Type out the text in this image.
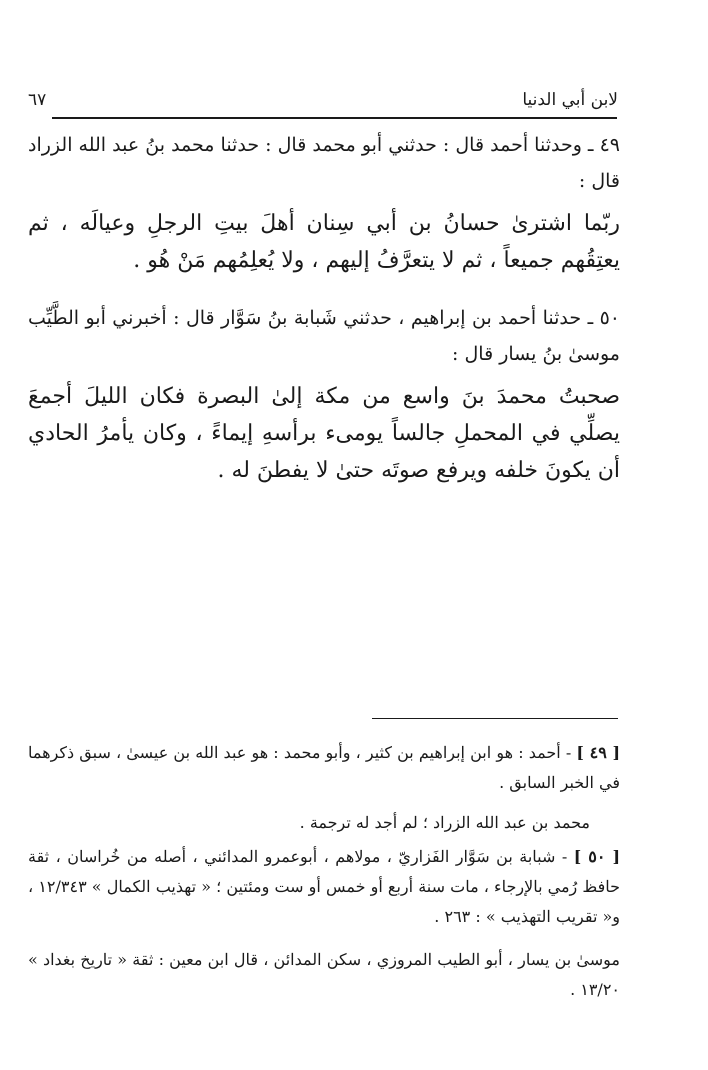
لابن أبي الدنيا
٦٧
٤٩ ـ وحدثنا أحمد قال : حدثني أبو محمد قال : حدثنا محمد بنُ عبد الله الزراد قال :
ربّما اشترىٰ حسانُ بن أبي سِنان أهلَ بيتِ الرجلِ وعيالَه ، ثم يعتِقُهم جميعاً ، ثم لا يتعرَّفُ إليهم ، ولا يُعلِمُهم مَنْ هُو .
٥٠ ـ حدثنا أحمد بن إبراهيم ، حدثني شَبابة بنُ سَوَّار قال : أخبرني أبو الطَّيِّب موسىٰ بنُ يسار قال :
صحبتُ محمدَ بنَ واسع من مكة إلىٰ البصرة فكان الليلَ أجمعَ يصلِّي في المحملِ جالساً يومىء برأسهِ إيماءً ، وكان يأمرُ الحادي أن يكونَ خلفه ويرفع صوتَه حتىٰ لا يفطنَ له .
[ ٤٩ ] - أحمد : هو ابن إبراهيم بن كثير ، وأبو محمد : هو عبد الله بن عيسىٰ ، سبق ذكرهما في الخبر السابق .
محمد بن عبد الله الزراد ؛ لم أجد له ترجمة .
[ ٥٠ ] - شبابة بن سَوَّار الفَزاريّ ، مولاهم ، أبوعمرو المدائني ، أصله من خُراسان ، ثقة حافظ رُمي بالإرجاء ، مات سنة أربع أو خمس أو ست ومئتين ؛ « تهذيب الكمال » ١٢/٣٤٣ ، و« تقريب التهذيب » : ٢٦٣ .
موسىٰ بن يسار ، أبو الطيب المروزي ، سكن المدائن ، قال ابن معين : ثقة « تاريخ بغداد » ١٣/٢٠ .
